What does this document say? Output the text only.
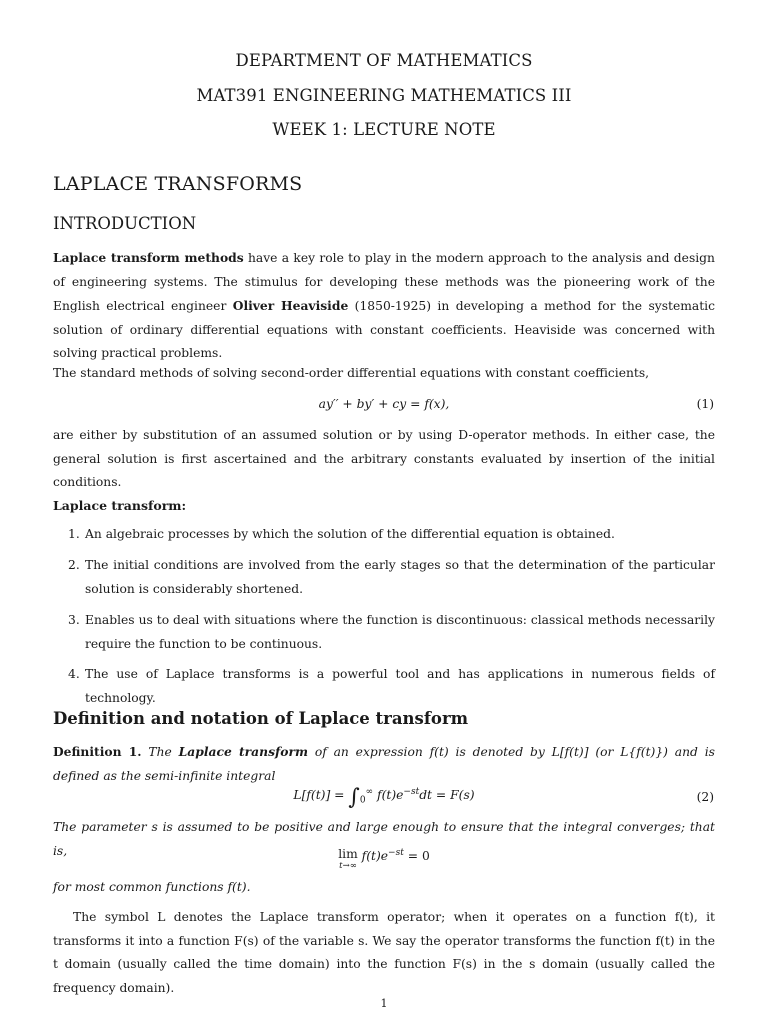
DEPARTMENT OF MATHEMATICS
MAT391 ENGINEERING MATHEMATICS III
WEEK 1: LECTURE NOTE
LAPLACE TRANSFORMS
INTRODUCTION
Laplace transform methods have a key role to play in the modern approach to the analysis and design of engineering systems. The stimulus for developing these methods was the pioneering work of the English electrical engineer Oliver Heaviside (1850-1925) in developing a method for the systematic solution of ordinary differential equations with constant coefficients. Heaviside was concerned with solving practical problems.
The standard methods of solving second-order differential equations with constant coefficients,
ay′′ + by′ + cy = f(x),	(1)
are either by substitution of an assumed solution or by using D-operator methods. In either case, the general solution is first ascertained and the arbitrary constants evaluated by insertion of the initial conditions.
Laplace transform:
1. An algebraic processes by which the solution of the differential equation is obtained.
2. The initial conditions are involved from the early stages so that the determination of the particular solution is considerably shortened.
3. Enables us to deal with situations where the function is discontinuous: classical methods necessarily require the function to be continuous.
4. The use of Laplace transforms is a powerful tool and has applications in numerous fields of technology.
Definition and notation of Laplace transform
Definition 1. The Laplace transform of an expression f(t) is denoted by L[f(t)] (or L{f(t)}) and is defined as the semi-infinite integral
$L[f(t)] = \int_0^\infty$ $f(t)e^{-st}dt = F(s)$	(2)
The parameter s is assumed to be positive and large enough to ensure that the integral converges; that is,	lim
t→∞
$f(t)e^{-st} = 0$
for most common functions f(t).
The symbol L denotes the Laplace transform operator; when it operates on a function f(t), it transforms it into a function F(s) of the variable s. We say the operator transforms the function f(t) in the t domain (usually called the time domain) into the function F(s) in the s domain (usually called the frequency domain).
1
